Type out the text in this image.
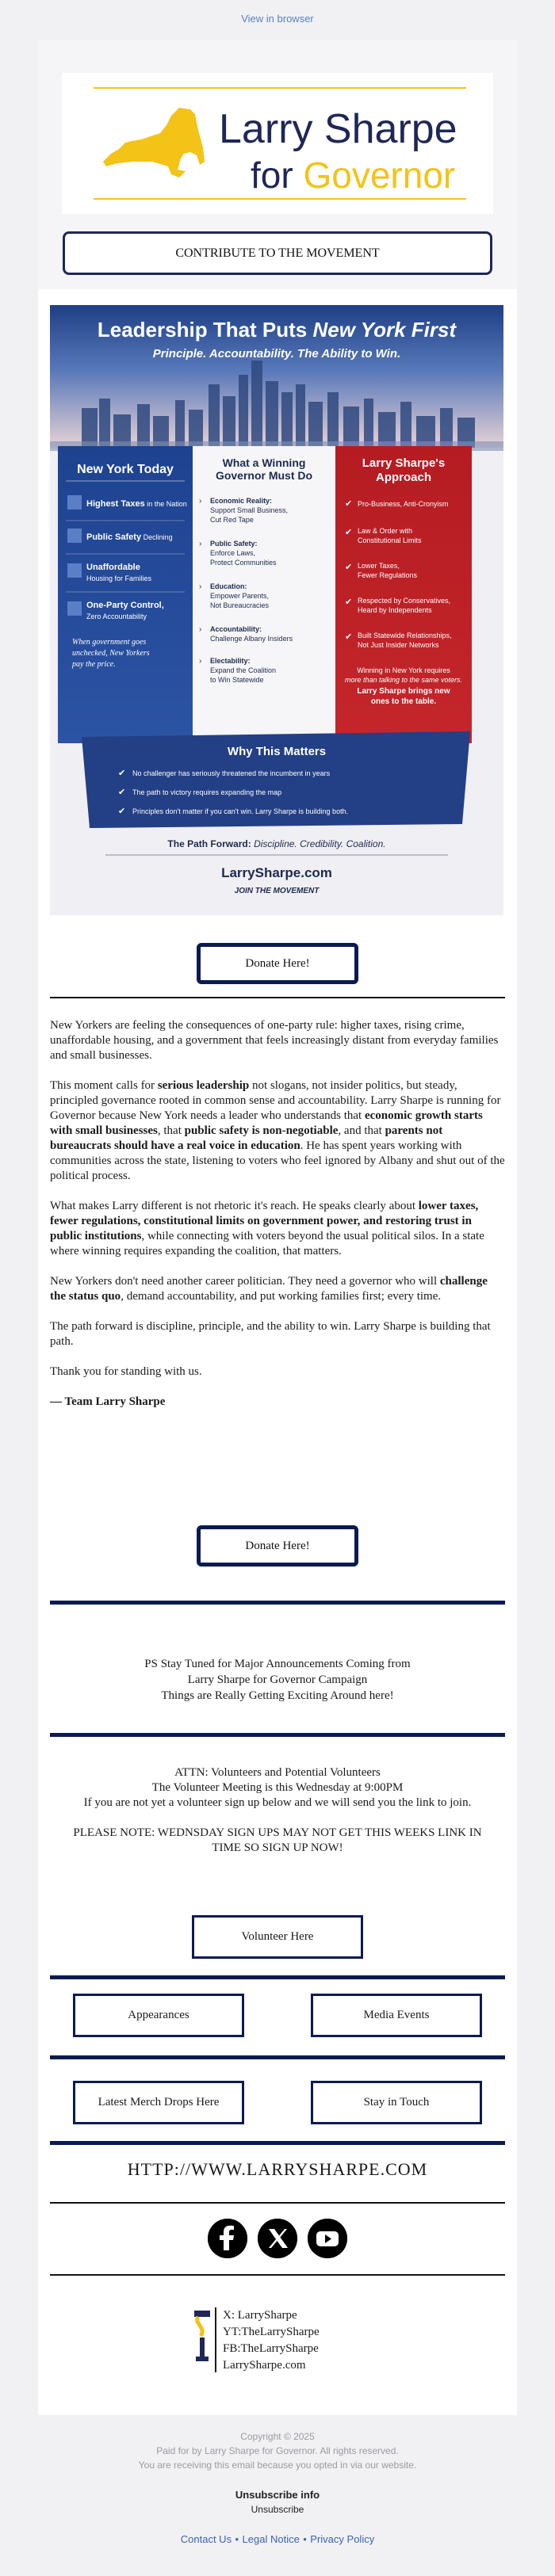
View in browser
Larry Sharpe
for Governor
CONTRIBUTE TO THE MOVEMENT
Leadership That Puts New York First
Principle. Accountability. The Ability to Win.
New York Today
Highest Taxes in the Nation
Public Safety Declining
Unaffordable
Housing for Families
One-Party Control,
Zero Accountability
When government goes
unchecked, New Yorkers
pay the price.
What a Winning
Governor Must Do
Economic Reality:
Support Small Business,
Cut Red Tape
Public Safety:
Enforce Laws,
Protect Communities
Education:
Empower Parents,
Not Bureaucracies
Accountability:
Challenge Albany Insiders
Electability:
Expand the Coalition
to Win Statewide
›
›
›
›
›
Larry Sharpe's
Approach
✔ Pro-Business, Anti-Cronyism
✔ Law & Order with
Constitutional Limits
✔ Lower Taxes,
Fewer Regulations
✔ Respected by Conservatives,
Heard by Independents
✔ Built Statewide Relationships,
Not Just Insider Networks
Winning in New York requires
more than talking to the same voters.
Larry Sharpe brings new
ones to the table.
Why This Matters
✔ No challenger has seriously threatened the incumbent in years
✔ The path to victory requires expanding the map
✔ Principles don't matter if you can't win. Larry Sharpe is building both.
The Path Forward: Discipline. Credibility. Coalition.
LarrySharpe.com
JOIN THE MOVEMENT
Donate Here!

New Yorkers are feeling the consequences of one-party rule: higher taxes, rising crime, unaffordable housing, and a government that feels increasingly distant from everyday families and small businesses.

This moment calls for serious leadership not slogans, not insider politics, but steady, principled governance rooted in common sense and accountability. Larry Sharpe is running for Governor because New York needs a leader who understands that economic growth starts with small businesses, that public safety is non-negotiable, and that parents not bureaucrats should have a real voice in education. He has spent years working with communities across the state, listening to voters who feel ignored by Albany and shut out of the political process.

What makes Larry different is not rhetoric it's reach. He speaks clearly about lower taxes, fewer regulations, constitutional limits on government power, and restoring trust in public institutions, while connecting with voters beyond the usual political silos. In a state where winning requires expanding the coalition, that matters.

New Yorkers don't need another career politician. They need a governor who will challenge the status quo, demand accountability, and put working families first; every time.

The path forward is discipline, principle, and the ability to win. Larry Sharpe is building that path.

Thank you for standing with us.

— Team Larry Sharpe

Donate Here!
PS Stay Tuned for Major Announcements Coming from
Larry Sharpe for Governor Campaign
Things are Really Getting Exciting Around here!
ATTN: Volunteers and Potential Volunteers
The Volunteer Meeting is this Wednesday at 9:00PM
If you are not yet a volunteer sign up below and we will send you the link to join.
PLEASE NOTE: WEDNSDAY SIGN UPS MAY NOT GET THIS WEEKS LINK IN TIME SO SIGN UP NOW!
Volunteer Here
Appearances	Media Events
Latest Merch Drops Here	Stay in Touch
HTTP://WWW.LARRYSHARPE.COM
X: LarrySharpe
YT:TheLarrySharpe
FB:TheLarrySharpe
LarrySharpe.com
Copyright © 2025
Paid for by Larry Sharpe for Governor. All rights reserved.
You are receiving this email because you opted in via our website.
Unsubscribe info
Unsubscribe
Contact Us • Legal Notice • Privacy Policy
